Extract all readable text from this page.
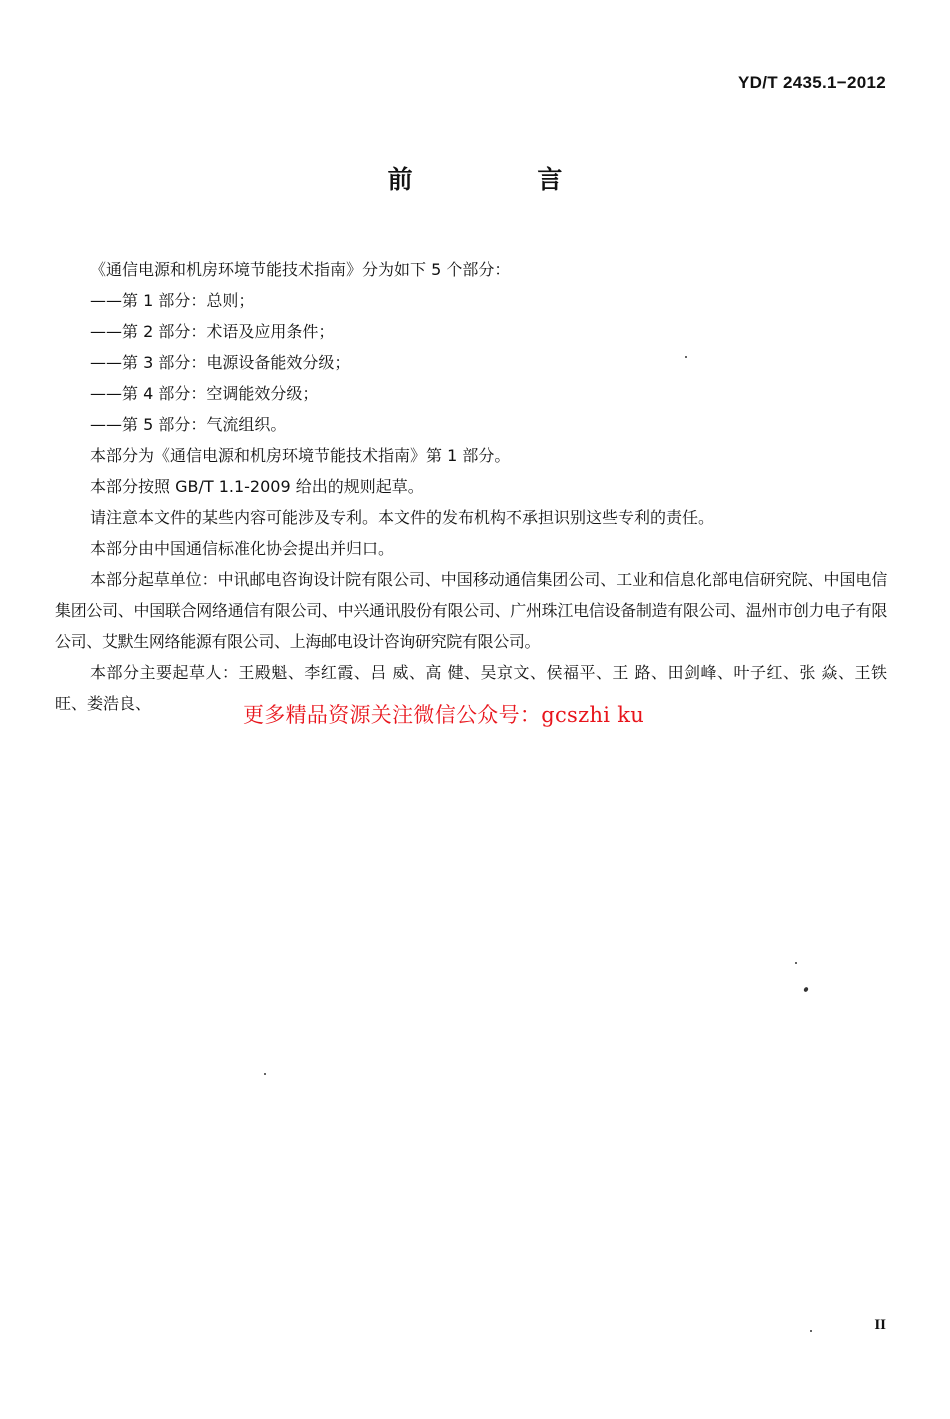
YD/T 2435.1−2012
前 言

《通信电源和机房环境节能技术指南》分为如下 5 个部分：

——第 1 部分：总则；

——第 2 部分：术语及应用条件；

——第 3 部分：电源设备能效分级；

——第 4 部分：空调能效分级；

——第 5 部分：气流组织。

本部分为《通信电源和机房环境节能技术指南》第 1 部分。

本部分按照 GB/T 1.1-2009 给出的规则起草。

请注意本文件的某些内容可能涉及专利。本文件的发布机构不承担识别这些专利的责任。

本部分由中国通信标准化协会提出并归口。

本部分起草单位：中讯邮电咨询设计院有限公司、中国移动通信集团公司、工业和信息化部电信研究院、中国电信集团公司、中国联合网络通信有限公司、中兴通讯股份有限公司、广州珠江电信设备制造有限公司、温州市创力电子有限公司、艾默生网络能源有限公司、上海邮电设计咨询研究院有限公司。

本部分主要起草人：王殿魁、李红霞、吕 威、高 健、吴京文、侯福平、王 路、田剑峰、叶子红、张 焱、王铁旺、娄浩良、	更多精品资源关注微信公众号：gcszhi ku
II
